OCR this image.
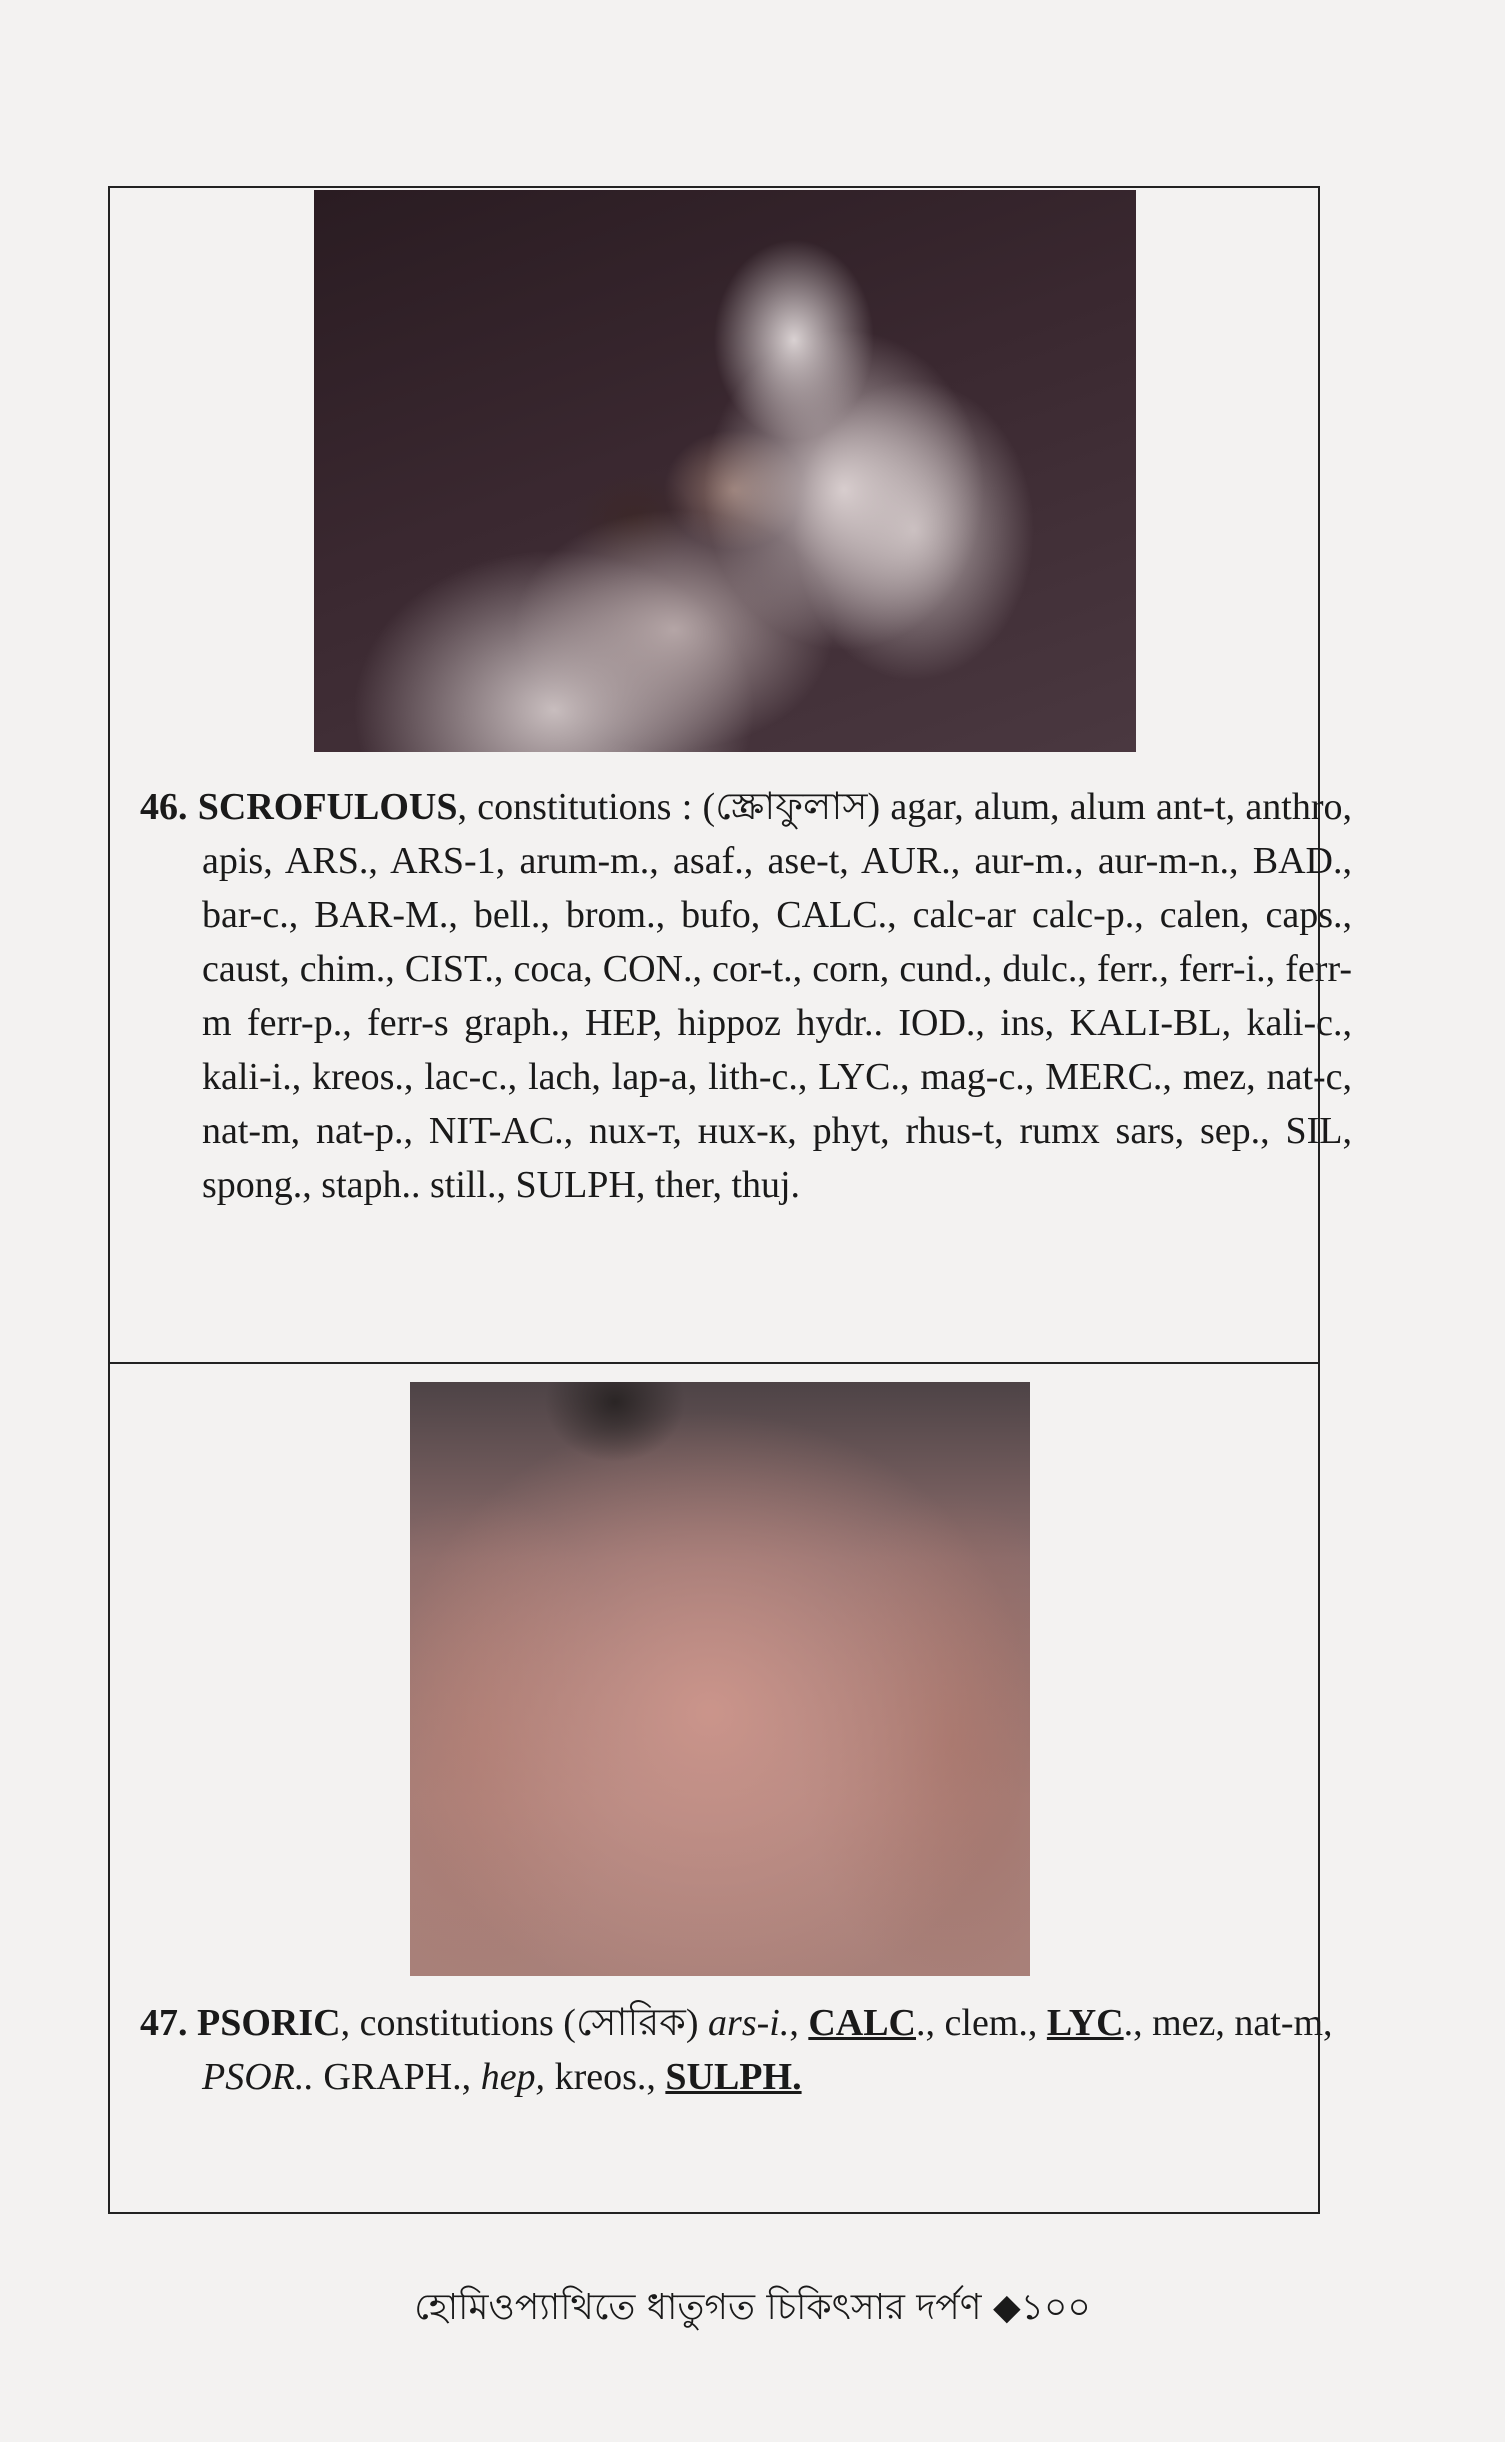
46. SCROFULOUS, constitutions : (স্ক্রোফুলাস) agar, alum, alum ant-t, anthro, apis, ARS., ARS-1, arum-m., asaf., ase-t, AUR., aur-m., aur-m-n., BAD., bar-c., BAR-M., bell., brom., bufo, CALC., calc-ar calc-p., calen, caps., caust, chim., CIST., coca, CON., cor-t., corn, cund., dulc., ferr., ferr-i., ferr-m ferr-p., ferr-s graph., HEP, hippoz hydr.. IOD., ins, KALI-BL, kali-c., kali-i., kreos., lac-c., lach, lap-a, lith-c., LYC., mag-c., MERC., mez, nat-c, nat-m, nat-p., NIT-AC., nux-т, нux-к, phyt, rhus-t, rumx sars, sep., SIL, spong., staph.. still., SULPH, ther, thuj.

47. PSORIC, constitutions (সোরিক) ars-i., CALC., clem., LYC., mez, nat-m, PSOR.. GRAPH., hep, kreos., SULPH.

হোমিওপ্যাথিতে ধাতুগত চিকিৎসার দর্পণ ◆১০০
